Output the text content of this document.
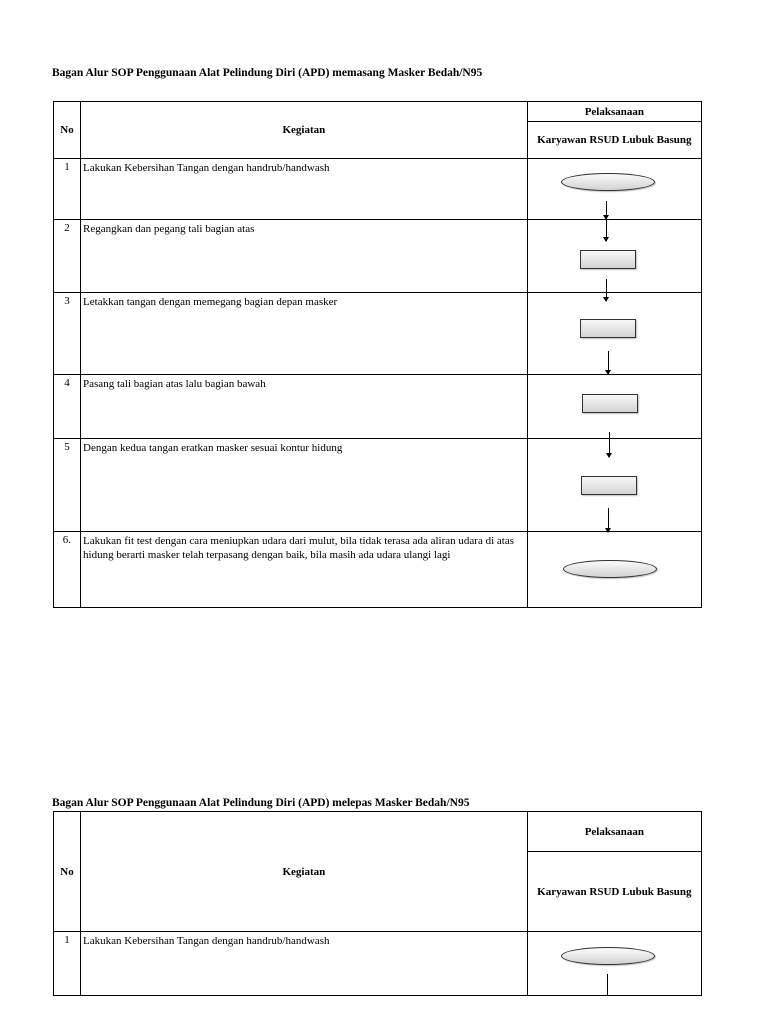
Bagan Alur SOP Penggunaan Alat Pelindung Diri (APD) memasang Masker Bedah/N95
No	Kegiatan	Pelaksanaan
		Karyawan RSUD Lubuk Basung
1	Lakukan Kebersihan Tangan dengan handrub/handwash	

2	Regangkan dan pegang tali bagian atas	

3	Letakkan tangan dengan memegang bagian depan masker	

4	Pasang tali bagian atas lalu bagian bawah	

5	Dengan kedua tangan eratkan masker sesuai kontur hidung	

6.	Lakukan fit test dengan cara meniupkan udara dari mulut, bila tidak terasa ada aliran udara di atas hidung berarti masker telah terpasang dengan baik, bila masih ada udara ulangi lagi	
Bagan Alur SOP Penggunaan Alat Pelindung Diri (APD) melepas Masker Bedah/N95
No	Kegiatan	Pelaksanaan
		Karyawan RSUD Lubuk Basung
1	Lakukan Kebersihan Tangan dengan handrub/handwash	
